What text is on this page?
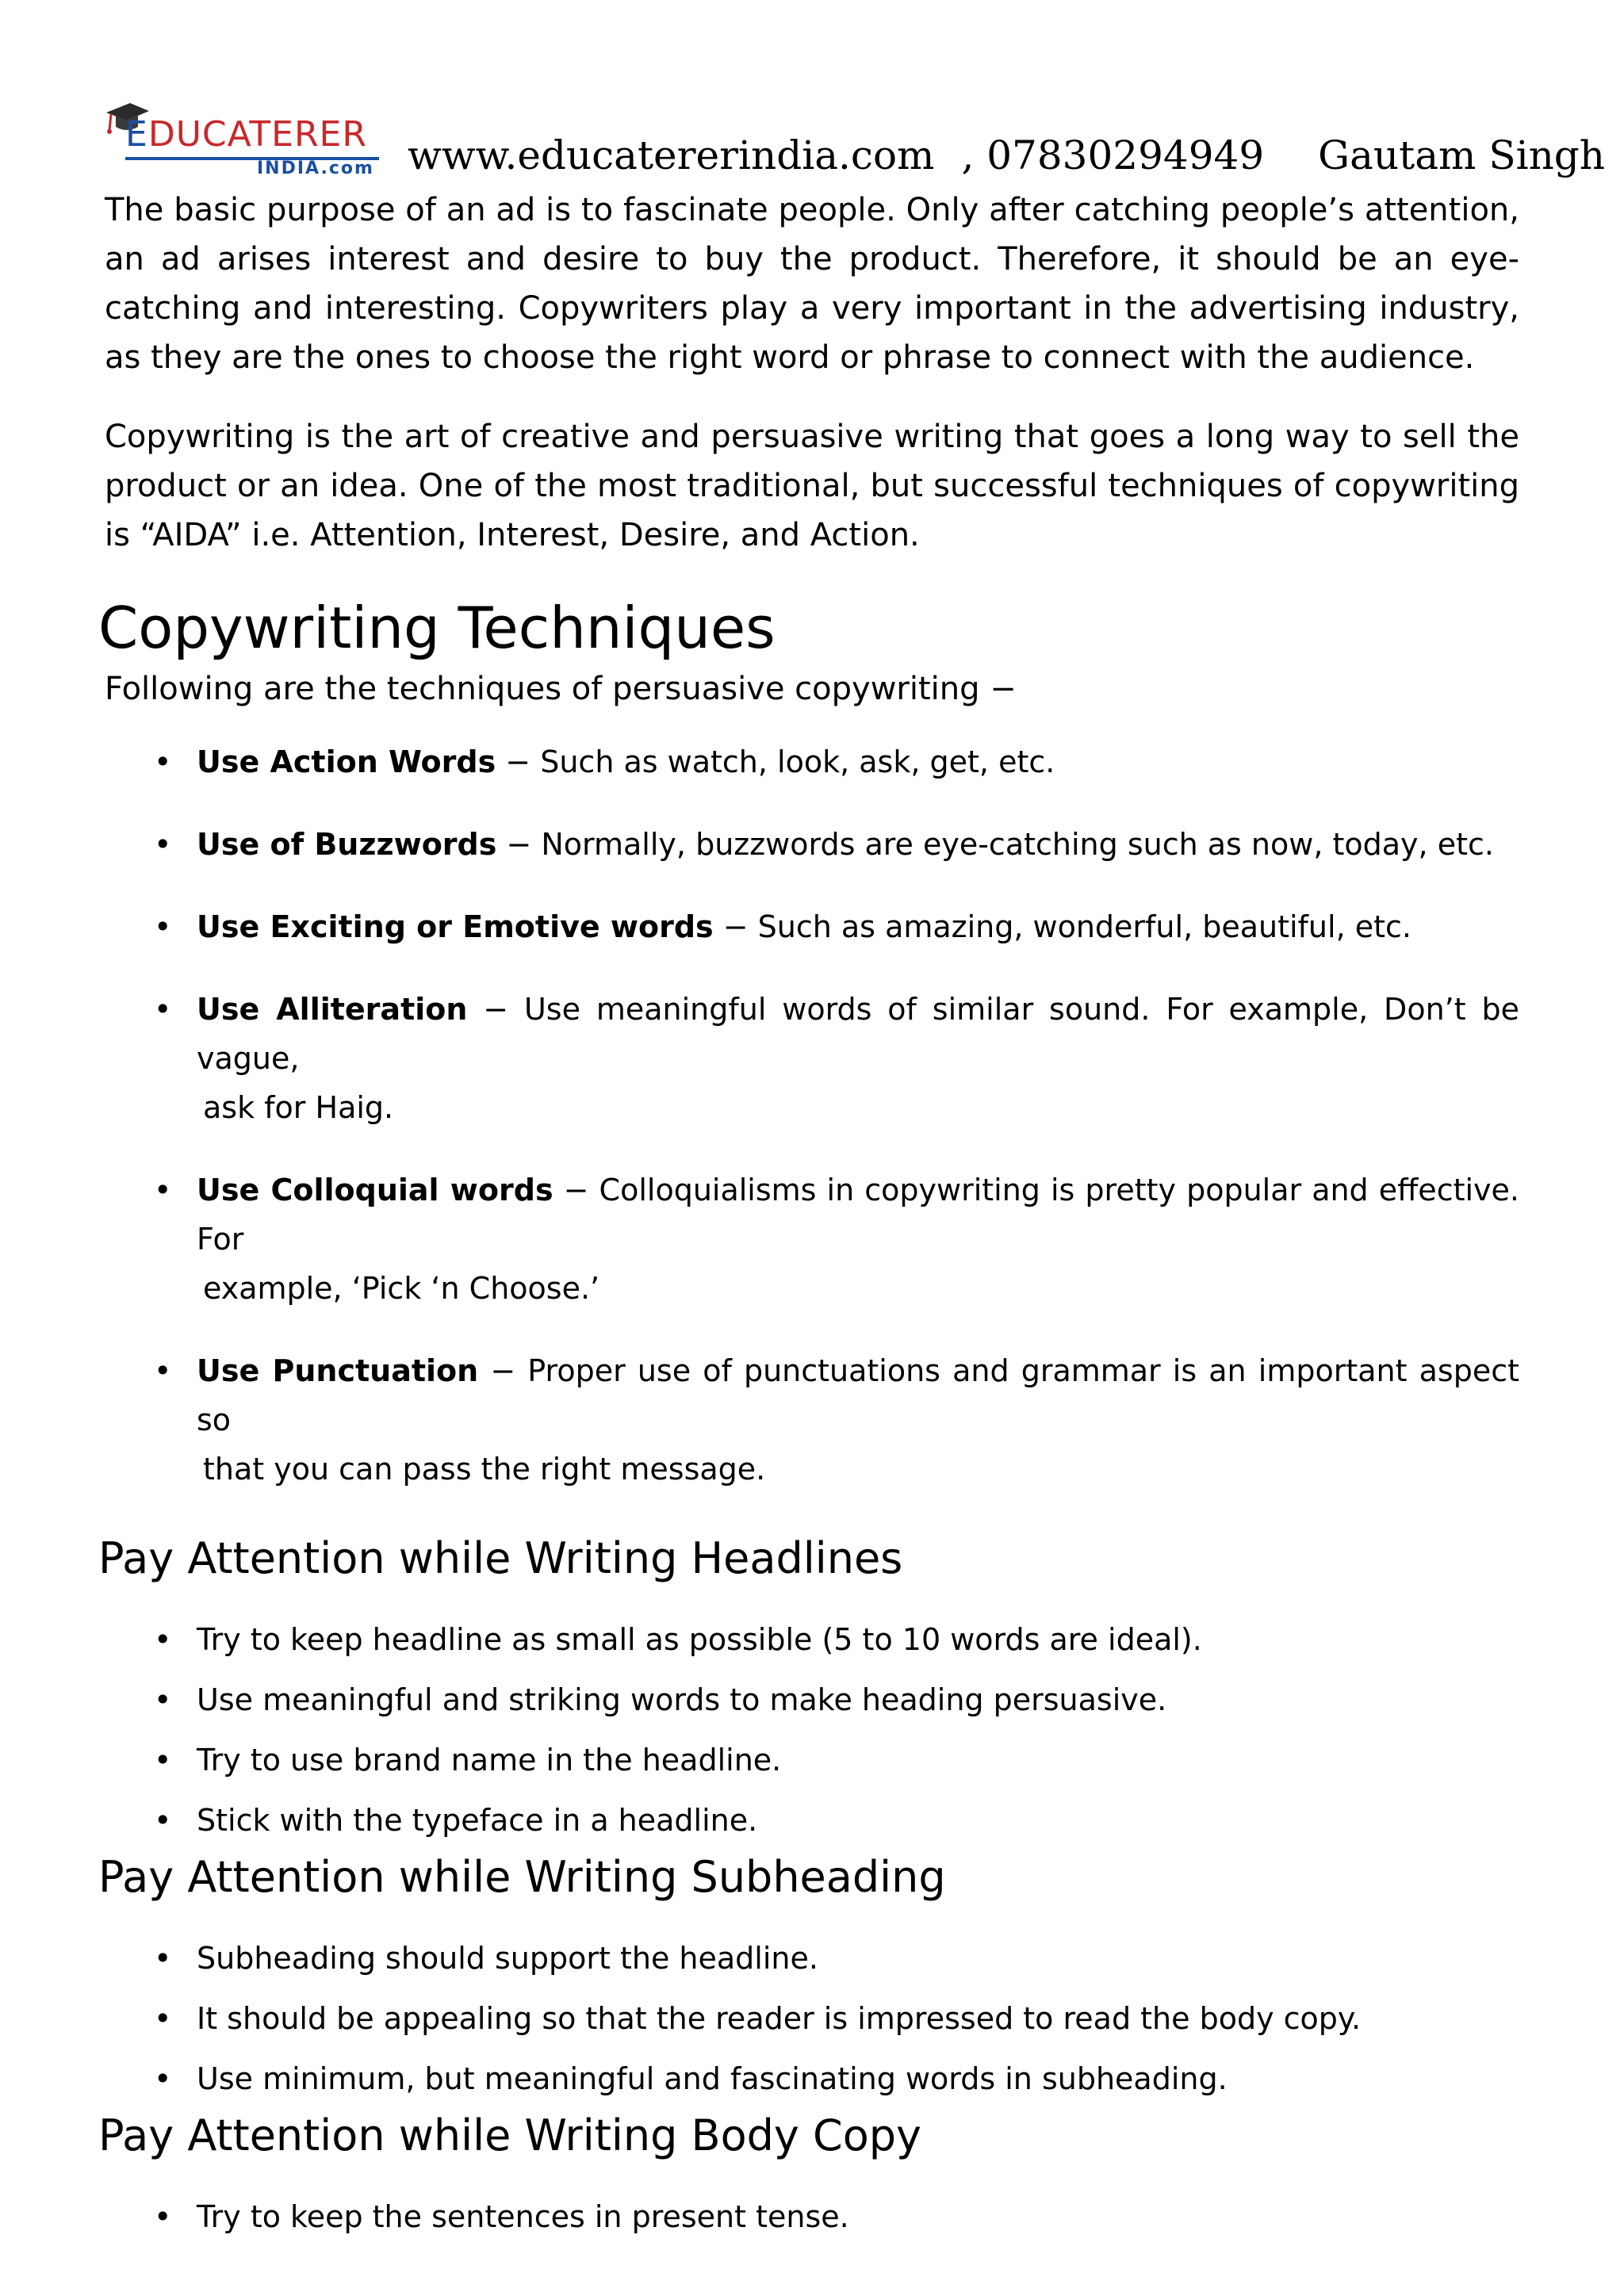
EDUCATERER
INDIA.com www.educatererindia.com , 07830294949 Gautam Singh

The basic purpose of an ad is to fascinate people. Only after catching people’s attention, an ad arises interest and desire to buy the product. Therefore, it should be an eye-catching and interesting. Copywriters play a very important in the advertising industry, as they are the ones to choose the right word or phrase to connect with the audience.

Copywriting is the art of creative and persuasive writing that goes a long way to sell the product or an idea. One of the most traditional, but successful techniques of copywriting is “AIDA” i.e. Attention, Interest, Desire, and Action.

Copywriting Techniques

Following are the techniques of persuasive copywriting −

• Use Action Words − Such as watch, look, ask, get, etc.
• Use of Buzzwords − Normally, buzzwords are eye-catching such as now, today, etc.
• Use Exciting or Emotive words − Such as amazing, wonderful, beautiful, etc.
• Use Alliteration − Use meaningful words of similar sound. For example, Don’t be vague,
ask for Haig.
• Use Colloquial words − Colloquialisms in copywriting is pretty popular and effective. For
example, ‘Pick ‘n Choose.’
• Use Punctuation − Proper use of punctuations and grammar is an important aspect so
that you can pass the right message.
Pay Attention while Writing Headlines
• Try to keep headline as small as possible (5 to 10 words are ideal).
• Use meaningful and striking words to make heading persuasive.
• Try to use brand name in the headline.
• Stick with the typeface in a headline.
Pay Attention while Writing Subheading
• Subheading should support the headline.
• It should be appealing so that the reader is impressed to read the body copy.
• Use minimum, but meaningful and fascinating words in subheading.
Pay Attention while Writing Body Copy
• Try to keep the sentences in present tense.
